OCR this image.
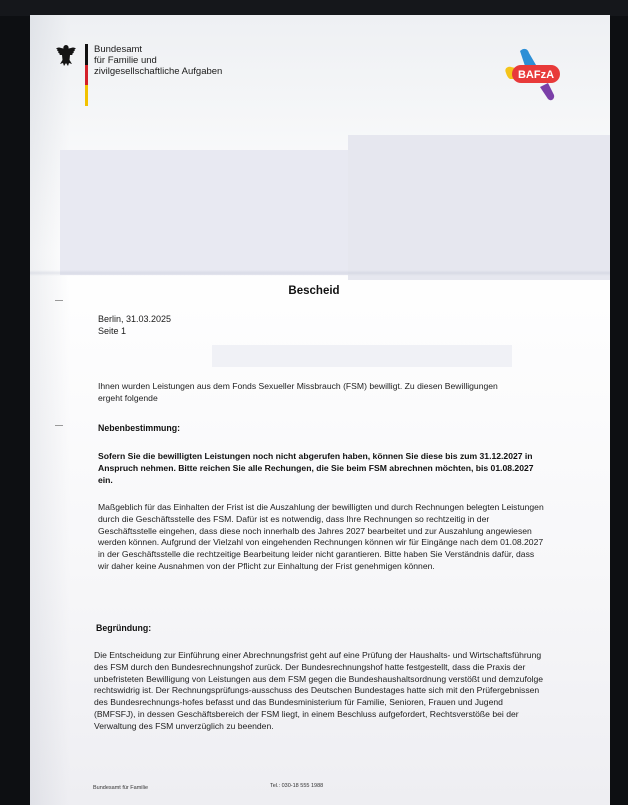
Bundesamt
für Familie und
zivilgesellschaftliche Aufgaben	BAFzA
Bescheid
Berlin, 31.03.2025
Seite 1
Ihnen wurden Leistungen aus dem Fonds Sexueller Missbrauch (FSM) bewilligt. Zu diesen Bewilligungen ergeht folgende
Nebenbestimmung:
Sofern Sie die bewilligten Leistungen noch nicht abgerufen haben, können Sie diese bis zum 31.12.2027 in Anspruch nehmen. Bitte reichen Sie alle Rechungen, die Sie beim FSM abrechnen möchten, bis 01.08.2027 ein.
Maßgeblich für das Einhalten der Frist ist die Auszahlung der bewilligten und durch Rechnungen belegten Leistungen durch die Geschäftsstelle des FSM. Dafür ist es notwendig, dass Ihre Rechnungen so rechtzeitig in der Geschäftsstelle eingehen, dass diese noch innerhalb des Jahres 2027 bearbeitet und zur Auszahlung angewiesen werden können. Aufgrund der Vielzahl von eingehenden Rechnungen können wir für Eingänge nach dem 01.08.2027 in der Geschäftsstelle die rechtzeitige Bearbeitung leider nicht garantieren. Bitte haben Sie Verständnis dafür, dass wir daher keine Ausnahmen von der Pflicht zur Einhaltung der Frist genehmigen können.
Begründung:
Die Entscheidung zur Einführung einer Abrechnungsfrist geht auf eine Prüfung der Haushalts- und Wirtschaftsführung des FSM durch den Bundesrechnungshof zurück. Der Bundesrechnungshof hatte festgestellt, dass die Praxis der unbefristeten Bewilligung von Leistungen aus dem FSM gegen die Bundeshaushaltsordnung verstößt und demzufolge rechtswidrig ist. Der Rechnungsprüfungs-ausschuss des Deutschen Bundestages hatte sich mit den Prüfergebnissen des Bundesrechnungs-hofes befasst und das Bundesministerium für Familie, Senioren, Frauen und Jugend (BMFSFJ), in dessen Geschäftsbereich der FSM liegt, in einem Beschluss aufgefordert, Rechtsverstöße bei der Verwaltung des FSM unverzüglich zu beenden.
Bundesamt für Familie	Tel.: 030-18 555 1988
